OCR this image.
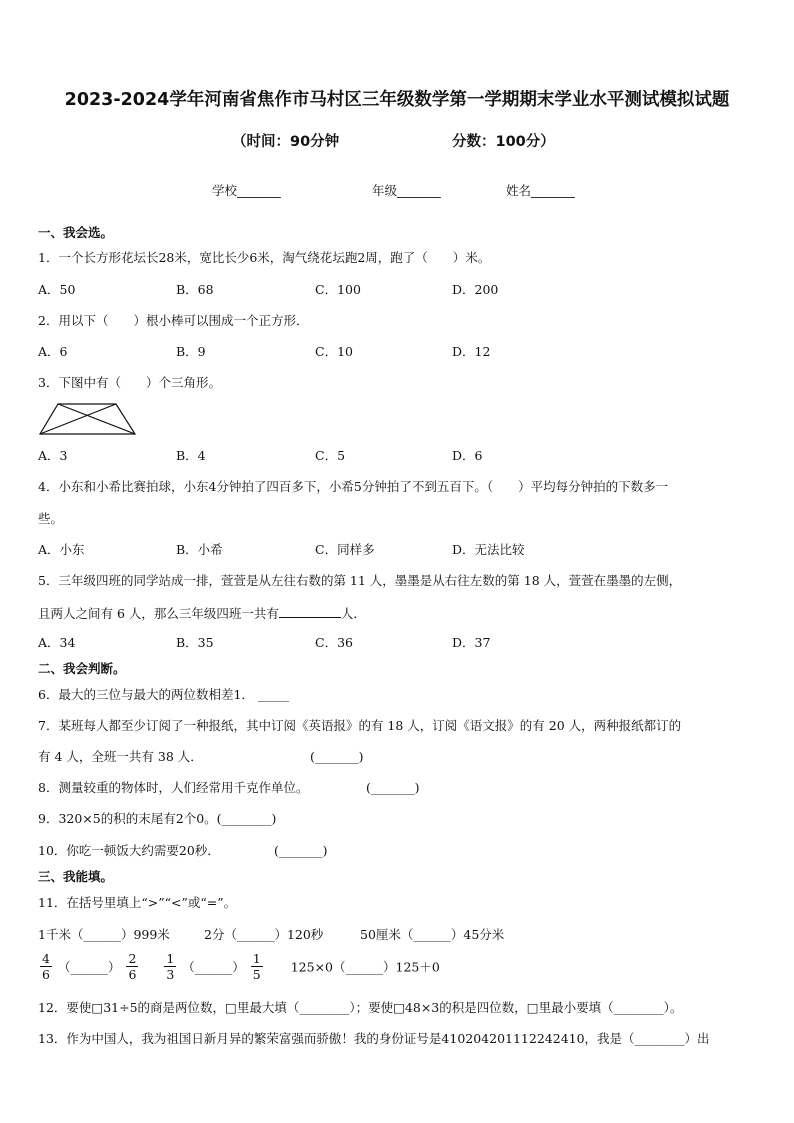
2023-2024学年河南省焦作市马村区三年级数学第一学期期末学业水平测试模拟试题
（时间：90分钟	分数：100分）
学校_______	年级_______	姓名_______
一、我会选。
1．一个长方形花坛长28米，宽比长少6米，淘气绕花坛跑2周，跑了（　　）米。
A．50	B．68	C．100	D．200
2．用以下（　　）根小棒可以围成一个正方形．
A．6	B．9	C．10	D．12
3．下图中有（　　）个三角形。
A．3	B．4	C．5	D．6
4．小东和小希比赛拍球，小东4分钟拍了四百多下，小希5分钟拍了不到五百下。（　　）平均每分钟拍的下数多一
些。
A．小东	B．小希	C．同样多	D．无法比较
5．三年级四班的同学站成一排，萱萱是从左往右数的第 11 人，墨墨是从右往左数的第 18 人，萱萱在墨墨的左侧，
且两人之间有 6 人，那么三年级四班一共有	人．
A．34	B．35	C．36	D．37
二、我会判断。
6．最大的三位与最大的两位数相差1． _____
7．某班每人都至少订阅了一种报纸，其中订阅《英语报》的有 18 人，订阅《语文报》的有 20 人，两种报纸都订的
有 4 人，全班一共有 38 人．	(_______)
8．测量较重的物体时，人们经常用千克作单位。	(_______)
9．320×5的积的末尾有2个0。(________)
10．你吃一顿饭大约需要20秒．	(_______)
三、我能填。
11．在括号里填上“>”“<”或“=”。
1千米（______）999米	2分（______）120秒	50厘米（______）45分米
$\frac{4}{6}$ （______） $\frac{2}{6}$
$\frac{1}{3}$ （______） $\frac{1}{5}$ 125×0（______）125＋0
12．要使□31÷5的商是两位数，□里最大填（________）；要使□48×3的积是四位数，□里最小要填（________）。
13．作为中国人，我为祖国日新月异的繁荣富强而骄傲！我的身份证号是410204201112242410，我是（________）出
